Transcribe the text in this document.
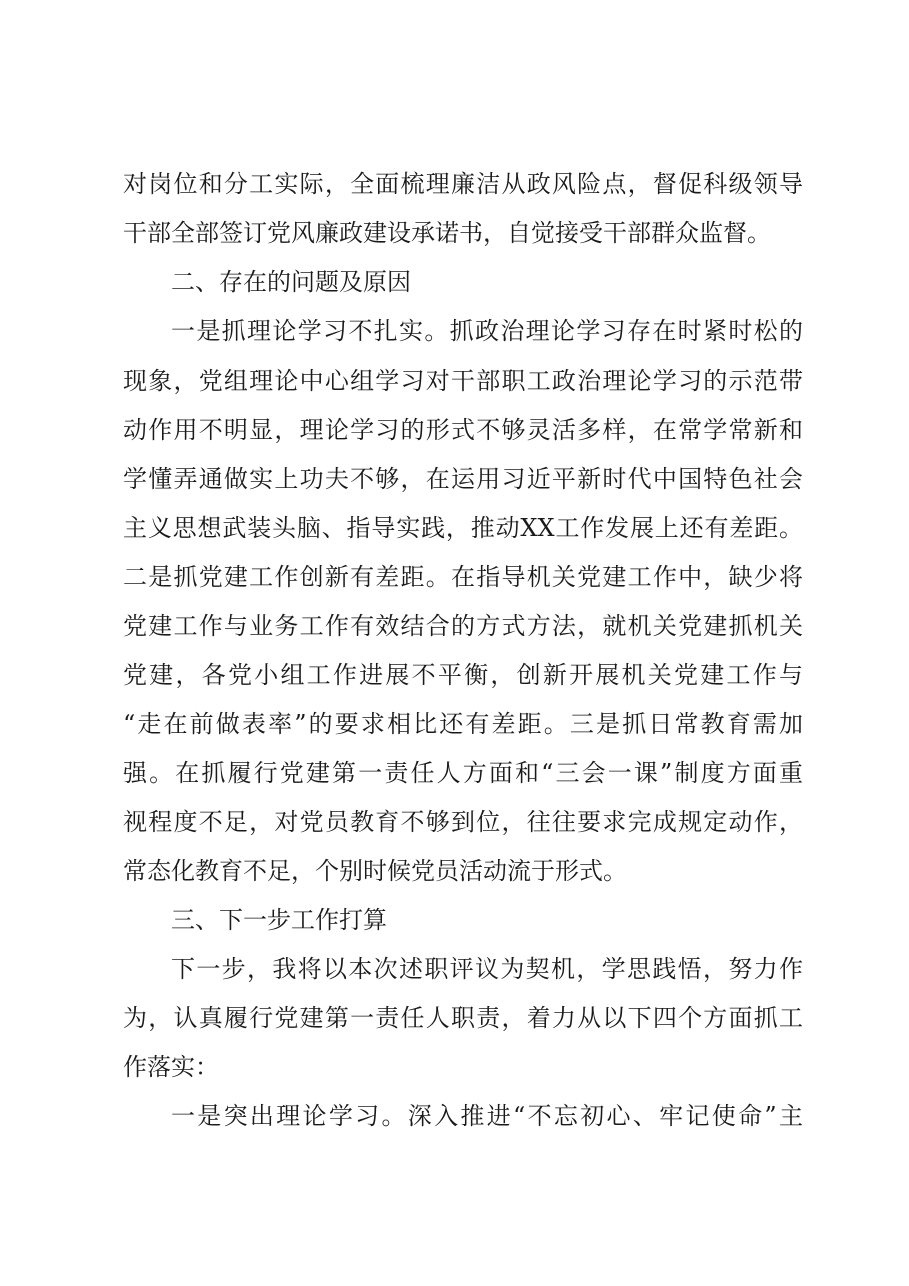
对岗位和分工实际，全面梳理廉洁从政风险点，督促科级领导
干部全部签订党风廉政建设承诺书，自觉接受干部群众监督。
二、存在的问题及原因
一是抓理论学习不扎实。抓政治理论学习存在时紧时松的
现象，党组理论中心组学习对干部职工政治理论学习的示范带
动作用不明显，理论学习的形式不够灵活多样，在常学常新和
学懂弄通做实上功夫不够，在运用习近平新时代中国特色社会
主义思想武装头脑、指导实践，推动XX工作发展上还有差距。
二是抓党建工作创新有差距。在指导机关党建工作中，缺少将
党建工作与业务工作有效结合的方式方法，就机关党建抓机关
党建，各党小组工作进展不平衡，创新开展机关党建工作与
“走在前做表率”的要求相比还有差距。三是抓日常教育需加
强。在抓履行党建第一责任人方面和“三会一课”制度方面重
视程度不足，对党员教育不够到位，往往要求完成规定动作，
常态化教育不足，个别时候党员活动流于形式。
三、下一步工作打算
下一步，我将以本次述职评议为契机，学思践悟，努力作
为，认真履行党建第一责任人职责，着力从以下四个方面抓工
作落实：
一是突出理论学习。深入推进“不忘初心、牢记使命”主
